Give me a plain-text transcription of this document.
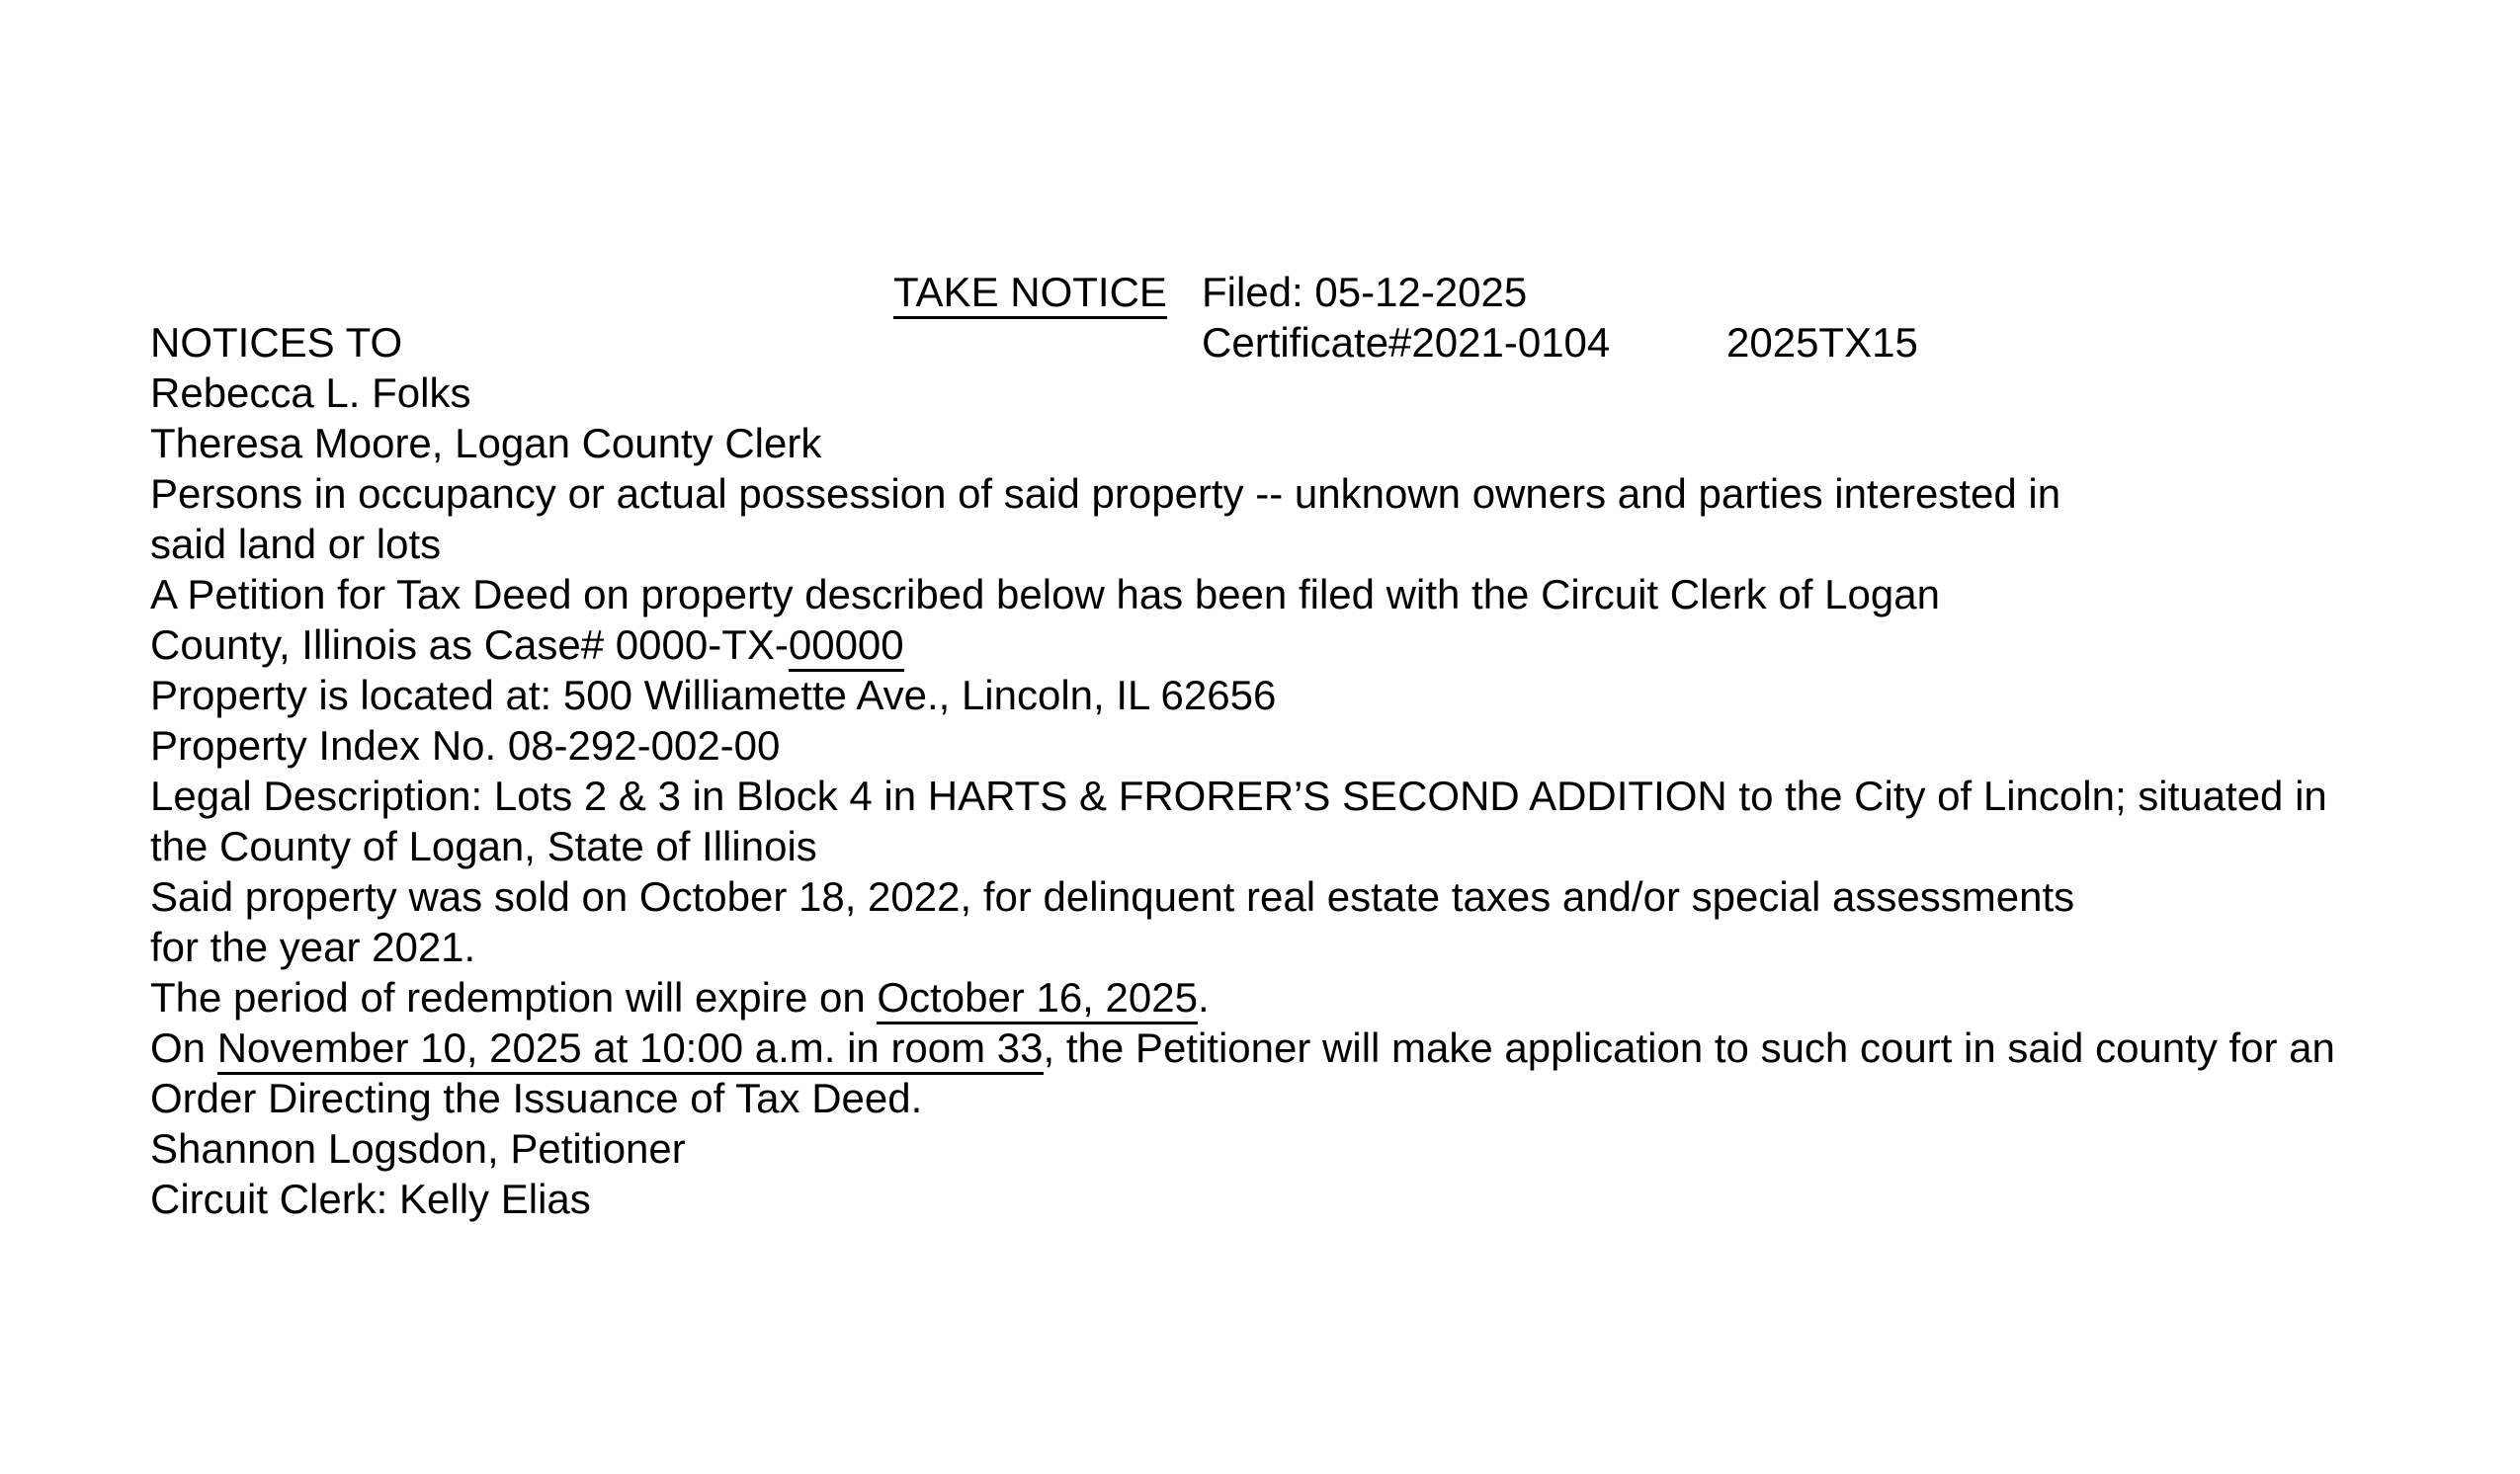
TAKE NOTICE Filed: 05-12-2025
NOTICES TO	Certificate#2021-0104	2025TX15
Rebecca L. Folks
Theresa Moore, Logan County Clerk
Persons in occupancy or actual possession of said property -- unknown owners and parties interested in
said land or lots
A Petition for Tax Deed on property described below has been filed with the Circuit Clerk of Logan
County, Illinois as Case# 0000-TX-00000
Property is located at: 500 Williamette Ave., Lincoln, IL 62656
Property Index No. 08-292-002-00
Legal Description: Lots 2 & 3 in Block 4 in HARTS & FRORER’S SECOND ADDITION to the City of Lincoln; situated in
the County of Logan, State of Illinois
Said property was sold on October 18, 2022, for delinquent real estate taxes and/or special assessments
for the year 2021.
The period of redemption will expire on October 16, 2025.
On November 10, 2025 at 10:00 a.m. in room 33, the Petitioner will make application to such court in said county for an
Order Directing the Issuance of Tax Deed.
Shannon Logsdon, Petitioner
Circuit Clerk: Kelly Elias
